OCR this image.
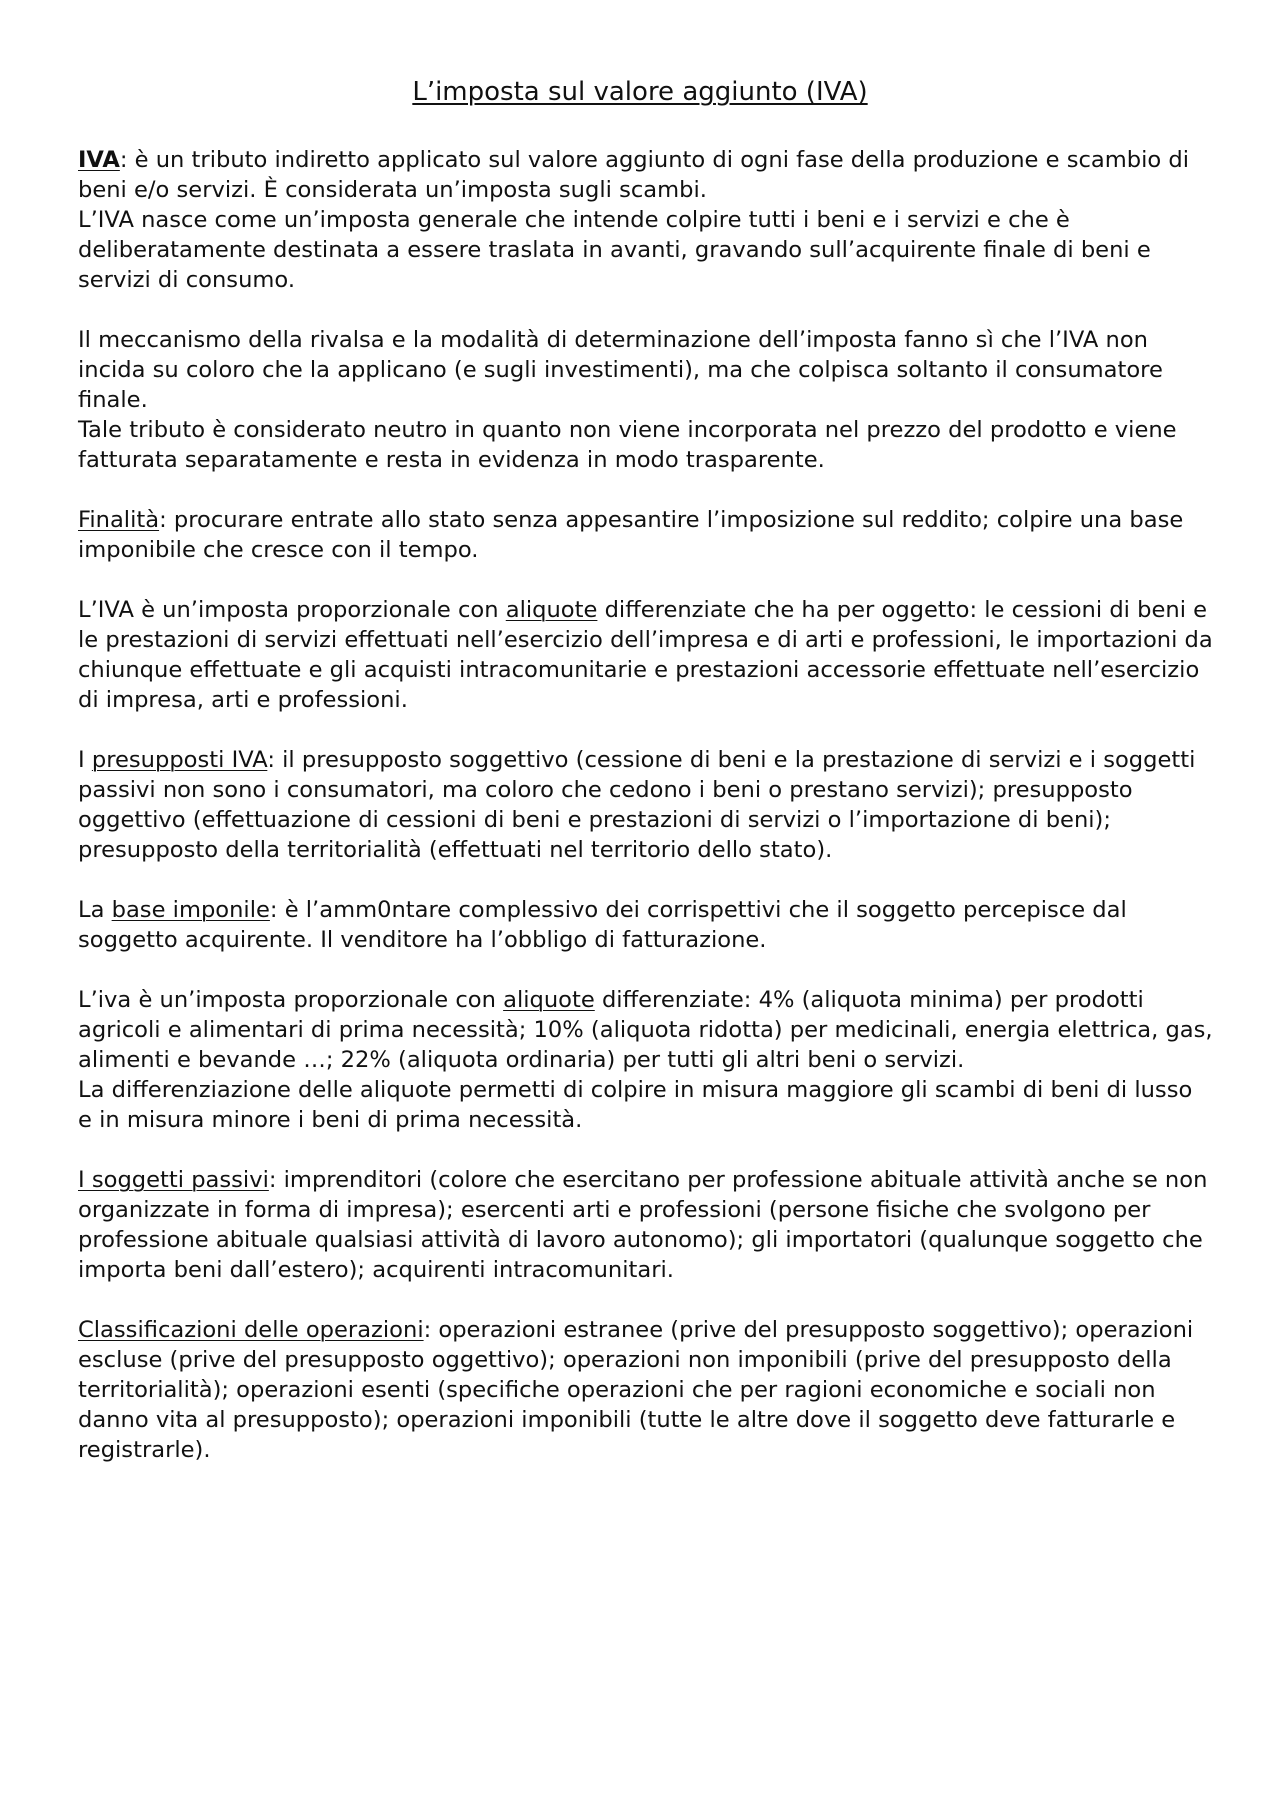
L’imposta sul valore aggiunto (IVA)

IVA: è un tributo indiretto applicato sul valore aggiunto di ogni fase della produzione e scambio di beni e/o servizi. È considerata un’imposta sugli scambi.
L’IVA nasce come un’imposta generale che intende colpire tutti i beni e i servizi e che è deliberatamente destinata a essere traslata in avanti, gravando sull’acquirente finale di beni e servizi di consumo.

Il meccanismo della rivalsa e la modalità di determinazione dell’imposta fanno sì che l’IVA non incida su coloro che la applicano (e sugli investimenti), ma che colpisca soltanto il consumatore finale.
Tale tributo è considerato neutro in quanto non viene incorporata nel prezzo del prodotto e viene fatturata separatamente e resta in evidenza in modo trasparente.

Finalità: procurare entrate allo stato senza appesantire l’imposizione sul reddito; colpire una base imponibile che cresce con il tempo.

L’IVA è un’imposta proporzionale con aliquote differenziate che ha per oggetto: le cessioni di beni e le prestazioni di servizi effettuati nell’esercizio dell’impresa e di arti e professioni, le importazioni da chiunque effettuate e gli acquisti intracomunitarie e prestazioni accessorie effettuate nell’esercizio di impresa, arti e professioni.

I presupposti IVA: il presupposto soggettivo (cessione di beni e la prestazione di servizi e i soggetti passivi non sono i consumatori, ma coloro che cedono i beni o prestano servizi); presupposto oggettivo (effettuazione di cessioni di beni e prestazioni di servizi o l’importazione di beni); presupposto della territorialità (effettuati nel territorio dello stato).

La base imponile: è l’amm0ntare complessivo dei corrispettivi che il soggetto percepisce dal soggetto acquirente. Il venditore ha l’obbligo di fatturazione.

L’iva è un’imposta proporzionale con aliquote differenziate: 4% (aliquota minima) per prodotti agricoli e alimentari di prima necessità; 10% (aliquota ridotta) per medicinali, energia elettrica, gas, alimenti e bevande …; 22% (aliquota ordinaria) per tutti gli altri beni o servizi.
La differenziazione delle aliquote permetti di colpire in misura maggiore gli scambi di beni di lusso e in misura minore i beni di prima necessità.

I soggetti passivi: imprenditori (colore che esercitano per professione abituale attività anche se non organizzate in forma di impresa); esercenti arti e professioni (persone fisiche che svolgono per professione abituale qualsiasi attività di lavoro autonomo); gli importatori (qualunque soggetto che importa beni dall’estero); acquirenti intracomunitari.

Classificazioni delle operazioni: operazioni estranee (prive del presupposto soggettivo); operazioni escluse (prive del presupposto oggettivo); operazioni non imponibili (prive del presupposto della territorialità); operazioni esenti (specifiche operazioni che per ragioni economiche e sociali non danno vita al presupposto); operazioni imponibili (tutte le altre dove il soggetto deve fatturarle e registrarle).
